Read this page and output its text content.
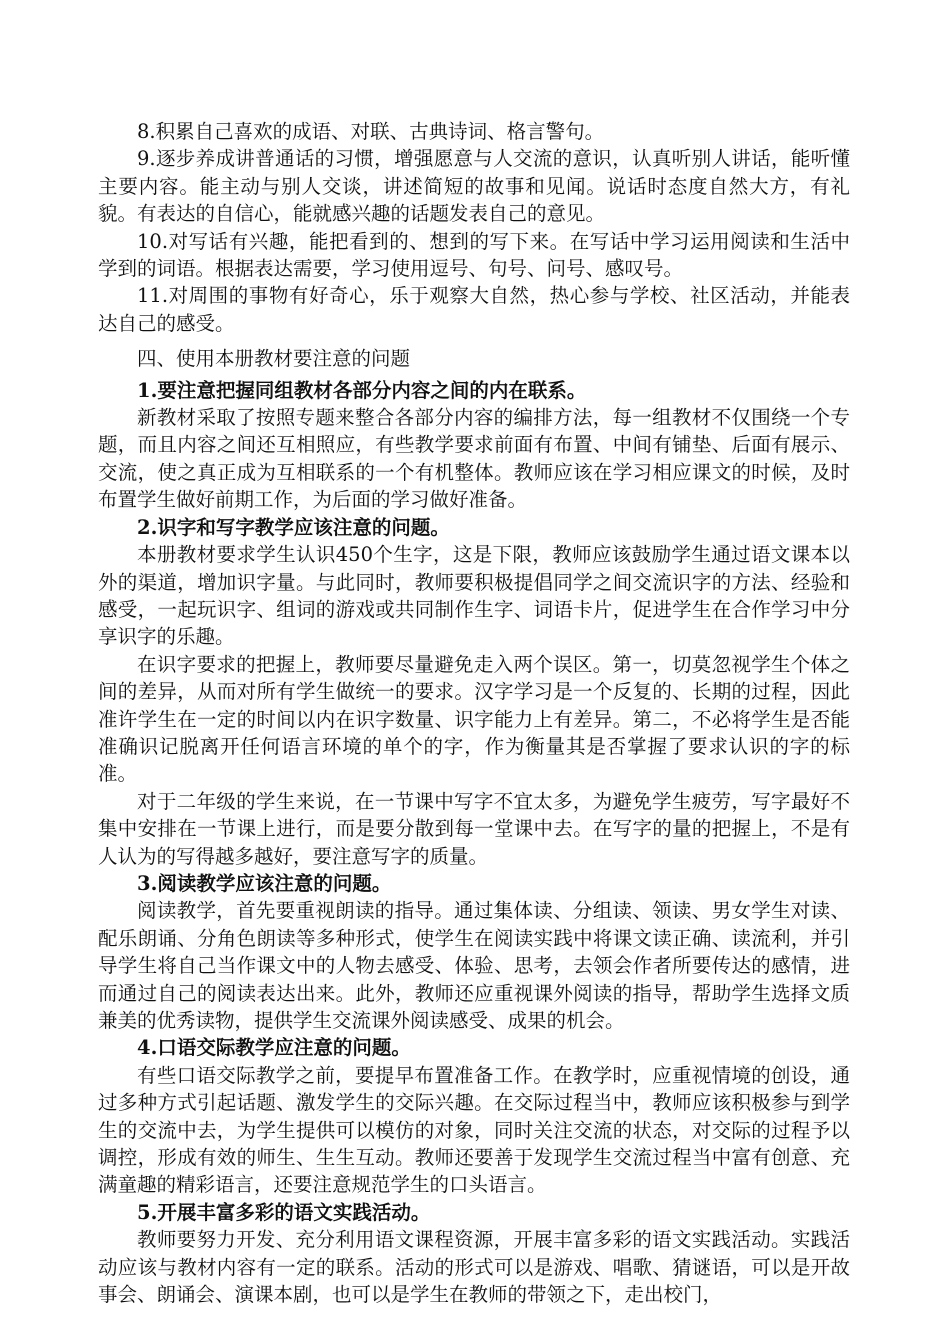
8.积累自己喜欢的成语、对联、古典诗词、格言警句。

9.逐步养成讲普通话的习惯，增强愿意与人交流的意识，认真听别人讲话，能听懂主要内容。能主动与别人交谈，讲述简短的故事和见闻。说话时态度自然大方，有礼貌。有表达的自信心，能就感兴趣的话题发表自己的意见。

10.对写话有兴趣，能把看到的、想到的写下来。在写话中学习运用阅读和生活中学到的词语。根据表达需要，学习使用逗号、句号、问号、感叹号。

11.对周围的事物有好奇心，乐于观察大自然，热心参与学校、社区活动，并能表达自己的感受。

四、使用本册教材要注意的问题

1.要注意把握同组教材各部分内容之间的内在联系。

新教材采取了按照专题来整合各部分内容的编排方法，每一组教材不仅围绕一个专题，而且内容之间还互相照应，有些教学要求前面有布置、中间有铺垫、后面有展示、交流，使之真正成为互相联系的一个有机整体。教师应该在学习相应课文的时候，及时布置学生做好前期工作，为后面的学习做好准备。

2.识字和写字教学应该注意的问题。

本册教材要求学生认识450个生字，这是下限，教师应该鼓励学生通过语文课本以外的渠道，增加识字量。与此同时，教师要积极提倡同学之间交流识字的方法、经验和感受，一起玩识字、组词的游戏或共同制作生字、词语卡片，促进学生在合作学习中分享识字的乐趣。

在识字要求的把握上，教师要尽量避免走入两个误区。第一，切莫忽视学生个体之间的差异，从而对所有学生做统一的要求。汉字学习是一个反复的、长期的过程，因此准许学生在一定的时间以内在识字数量、识字能力上有差异。第二，不必将学生是否能准确识记脱离开任何语言环境的单个的字，作为衡量其是否掌握了要求认识的字的标准。

对于二年级的学生来说，在一节课中写字不宜太多，为避免学生疲劳，写字最好不集中安排在一节课上进行，而是要分散到每一堂课中去。在写字的量的把握上，不是有人认为的写得越多越好，要注意写字的质量。

3.阅读教学应该注意的问题。

阅读教学，首先要重视朗读的指导。通过集体读、分组读、领读、男女学生对读、配乐朗诵、分角色朗读等多种形式，使学生在阅读实践中将课文读正确、读流利，并引导学生将自己当作课文中的人物去感受、体验、思考，去领会作者所要传达的感情，进而通过自己的阅读表达出来。此外，教师还应重视课外阅读的指导，帮助学生选择文质兼美的优秀读物，提供学生交流课外阅读感受、成果的机会。

4.口语交际教学应注意的问题。

有些口语交际教学之前，要提早布置准备工作。在教学时，应重视情境的创设，通过多种方式引起话题、激发学生的交际兴趣。在交际过程当中，教师应该积极参与到学生的交流中去，为学生提供可以模仿的对象，同时关注交流的状态，对交际的过程予以调控，形成有效的师生、生生互动。教师还要善于发现学生交流过程当中富有创意、充满童趣的精彩语言，还要注意规范学生的口头语言。

5.开展丰富多彩的语文实践活动。

教师要努力开发、充分利用语文课程资源，开展丰富多彩的语文实践活动。实践活动应该与教材内容有一定的联系。活动的形式可以是游戏、唱歌、猜谜语，可以是开故事会、朗诵会、演课本剧，也可以是学生在教师的带领之下，走出校门，
